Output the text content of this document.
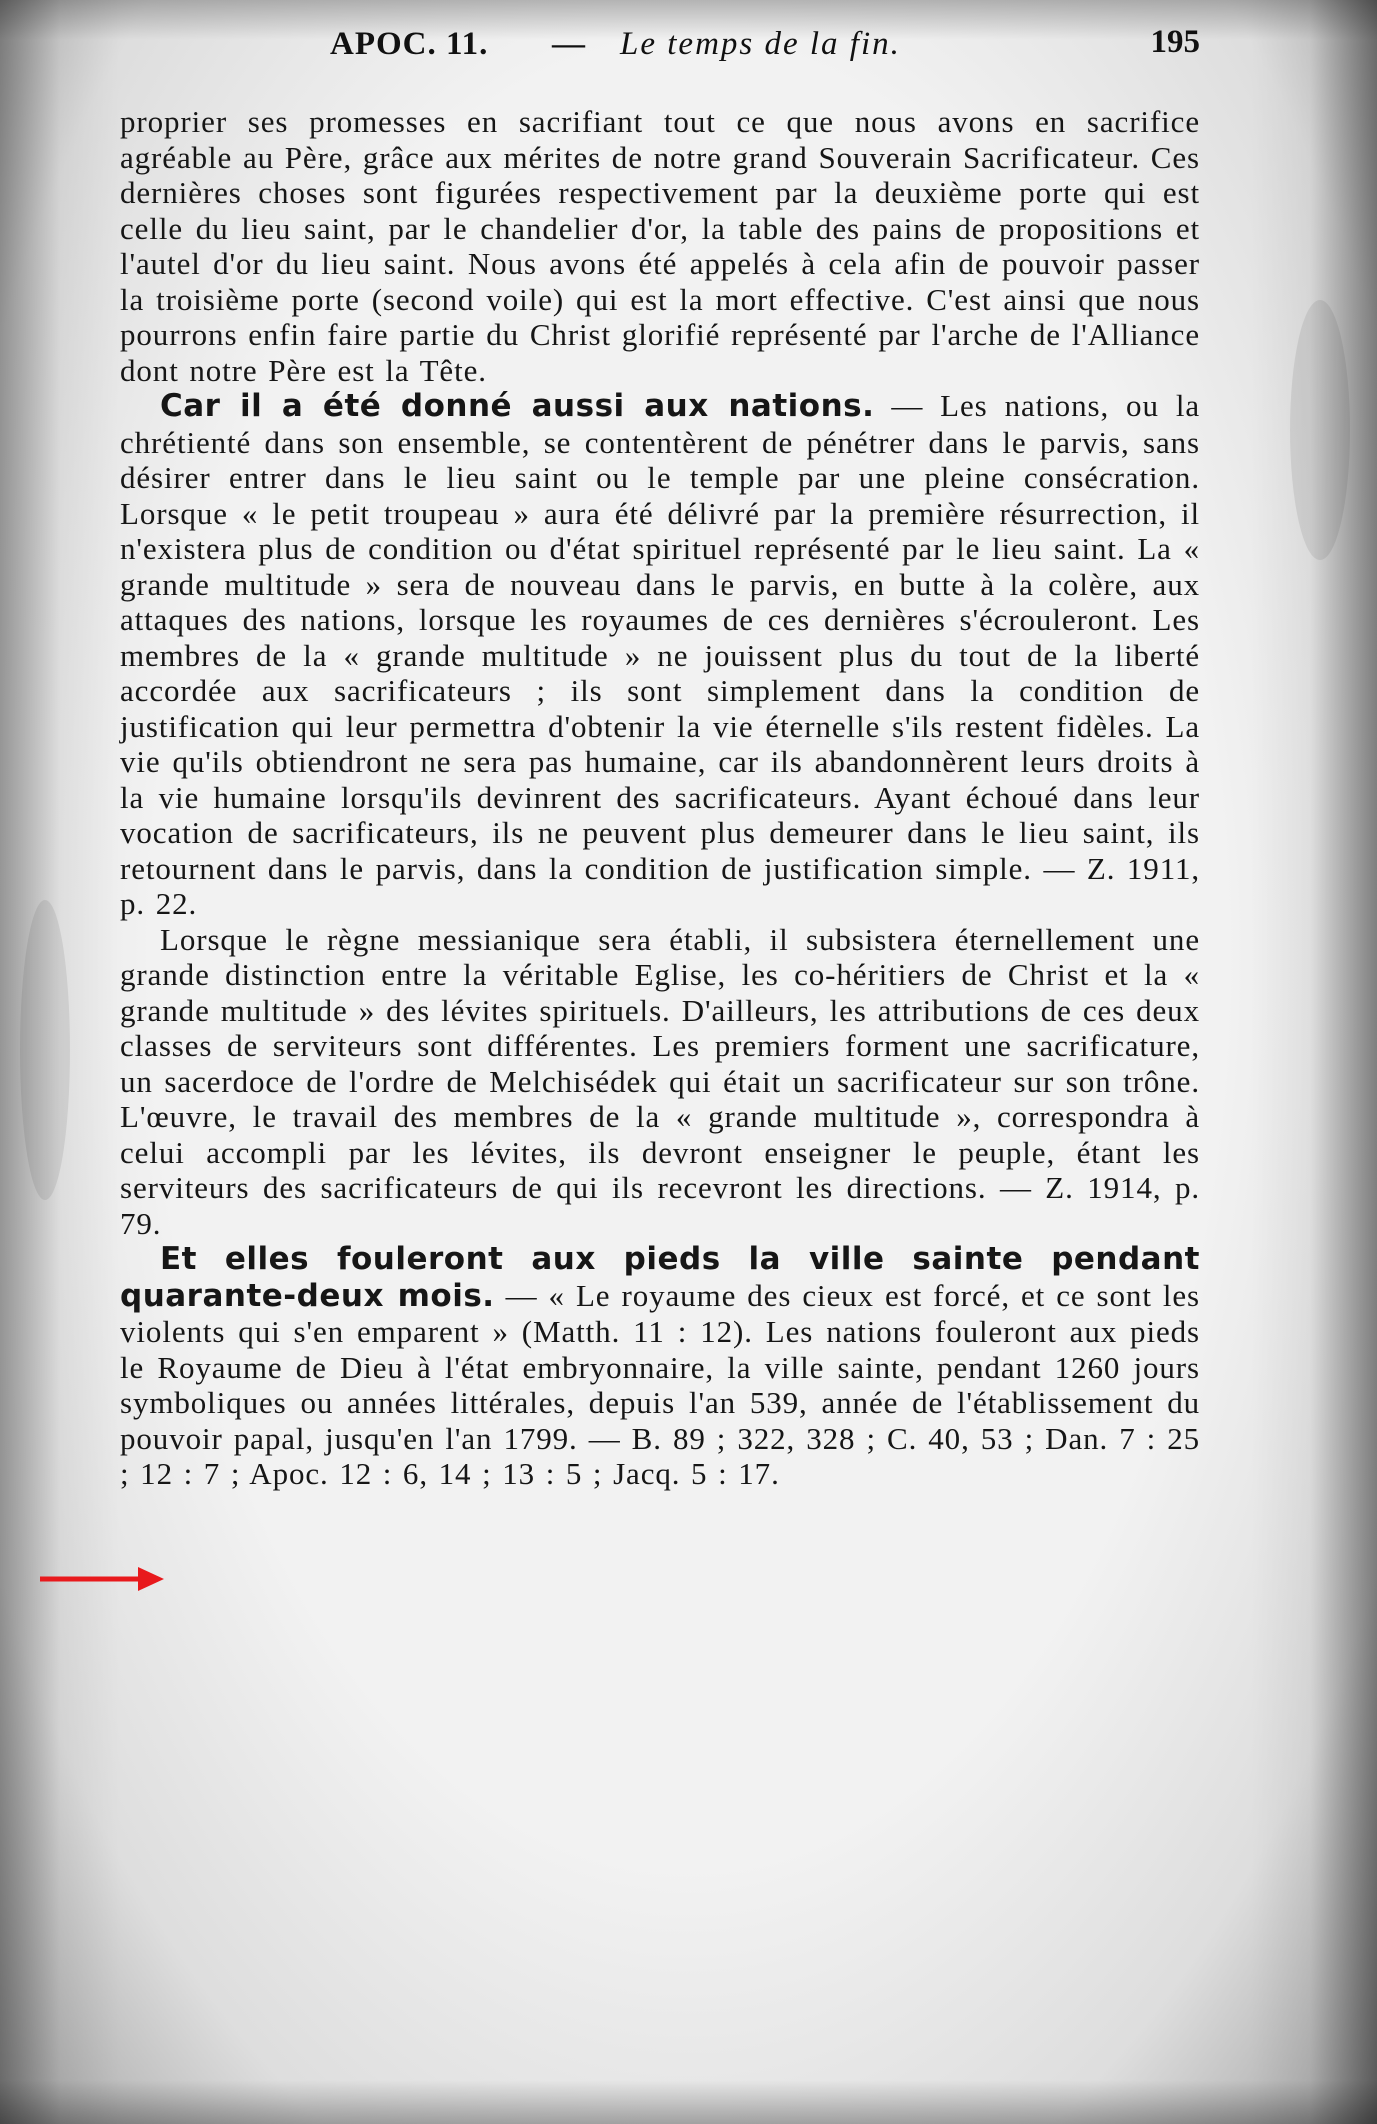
APOC. 11. — Le temps de la fin.	195

proprier ses promesses en sacrifiant tout ce que nous avons en sacrifice agréable au Père, grâce aux mérites de notre grand Souverain Sacrificateur. Ces dernières choses sont figurées respectivement par la deuxième porte qui est celle du lieu saint, par le chandelier d'or, la table des pains de propositions et l'autel d'or du lieu saint. Nous avons été appelés à cela afin de pouvoir passer la troisième porte (second voile) qui est la mort effective. C'est ainsi que nous pourrons enfin faire partie du Christ glorifié représenté par l'arche de l'Alliance dont notre Père est la Tête.

Car il a été donné aussi aux nations. — Les nations, ou la chrétienté dans son ensemble, se contentèrent de pénétrer dans le parvis, sans désirer entrer dans le lieu saint ou le temple par une pleine consécration. Lorsque « le petit troupeau » aura été délivré par la première résurrection, il n'existera plus de condition ou d'état spirituel représenté par le lieu saint. La « grande multitude » sera de nouveau dans le parvis, en butte à la colère, aux attaques des nations, lorsque les royaumes de ces dernières s'écrouleront. Les membres de la « grande multitude » ne jouissent plus du tout de la liberté accordée aux sacrificateurs ; ils sont simplement dans la condition de justification qui leur permettra d'obtenir la vie éternelle s'ils restent fidèles. La vie qu'ils obtiendront ne sera pas humaine, car ils abandonnèrent leurs droits à la vie humaine lorsqu'ils devinrent des sacrificateurs. Ayant échoué dans leur vocation de sacrificateurs, ils ne peuvent plus demeurer dans le lieu saint, ils retournent dans le parvis, dans la condition de justification simple. — Z. 1911, p. 22.

Lorsque le règne messianique sera établi, il subsistera éternellement une grande distinction entre la véritable Eglise, les co-héritiers de Christ et la « grande multitude » des lévites spirituels. D'ailleurs, les attributions de ces deux classes de serviteurs sont différentes. Les premiers forment une sacrificature, un sacerdoce de l'ordre de Melchisédek qui était un sacrificateur sur son trône. L'œuvre, le travail des membres de la « grande multitude », correspondra à celui accompli par les lévites, ils devront enseigner le peuple, étant les serviteurs des sacrificateurs de qui ils recevront les directions. — Z. 1914, p. 79.

Et elles fouleront aux pieds la ville sainte pendant quarante-deux mois. — « Le royaume des cieux est forcé, et ce sont les violents qui s'en emparent » (Matth. 11 : 12). Les nations fouleront aux pieds le Royaume de Dieu à l'état embryonnaire, la ville sainte, pendant 1260 jours symboliques ou années littérales, depuis l'an 539, année de l'établissement du pouvoir papal, jusqu'en l'an 1799. — B. 89 ; 322, 328 ; C. 40, 53 ; Dan. 7 : 25 ; 12 : 7 ; Apoc. 12 : 6, 14 ; 13 : 5 ; Jacq. 5 : 17.
